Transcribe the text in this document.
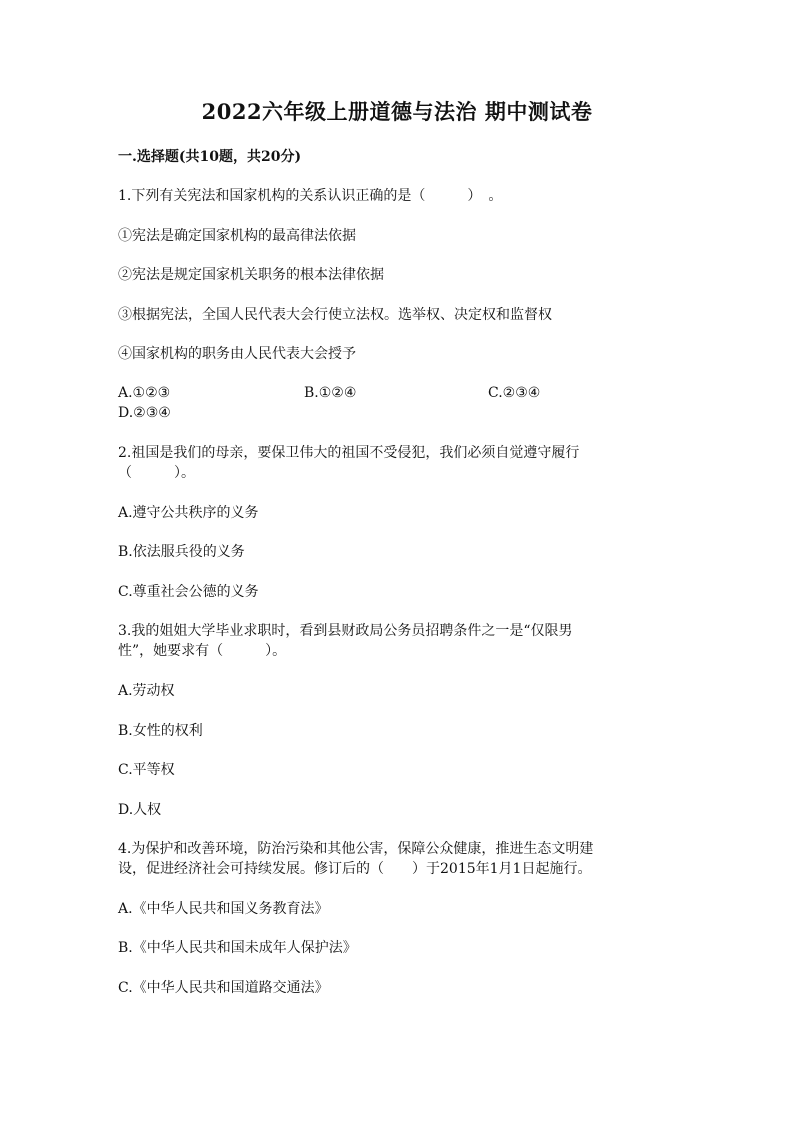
2022六年级上册道德与法治 期中测试卷
一.选择题(共10题，共20分)
1.下列有关宪法和国家机构的关系认识正确的是（　　　）　。
①宪法是确定国家机构的最高律法依据
②宪法是规定国家机关职务的根本法律依据
③根据宪法，全国人民代表大会行使立法权。选举权、决定权和监督权
④国家机构的职务由人民代表大会授予
A.①②③	B.①②④	C.②③④
D.②③④
2.祖国是我们的母亲，要保卫伟大的祖国不受侵犯，我们必须自觉遵守履行
（　　　）。
A.遵守公共秩序的义务
B.依法服兵役的义务
C.尊重社会公德的义务
3.我的姐姐大学毕业求职时，看到县财政局公务员招聘条件之一是“仅限男
性”，她要求有（　　　）。
A.劳动权
B.女性的权利
C.平等权
D.人权
4.为保护和改善环境，防治污染和其他公害，保障公众健康，推进生态文明建
设，促进经济社会可持续发展。修订后的（　　）于2015年1月1日起施行。
A.《中华人民共和国义务教育法》
B.《中华人民共和国未成年人保护法》
C.《中华人民共和国道路交通法》
